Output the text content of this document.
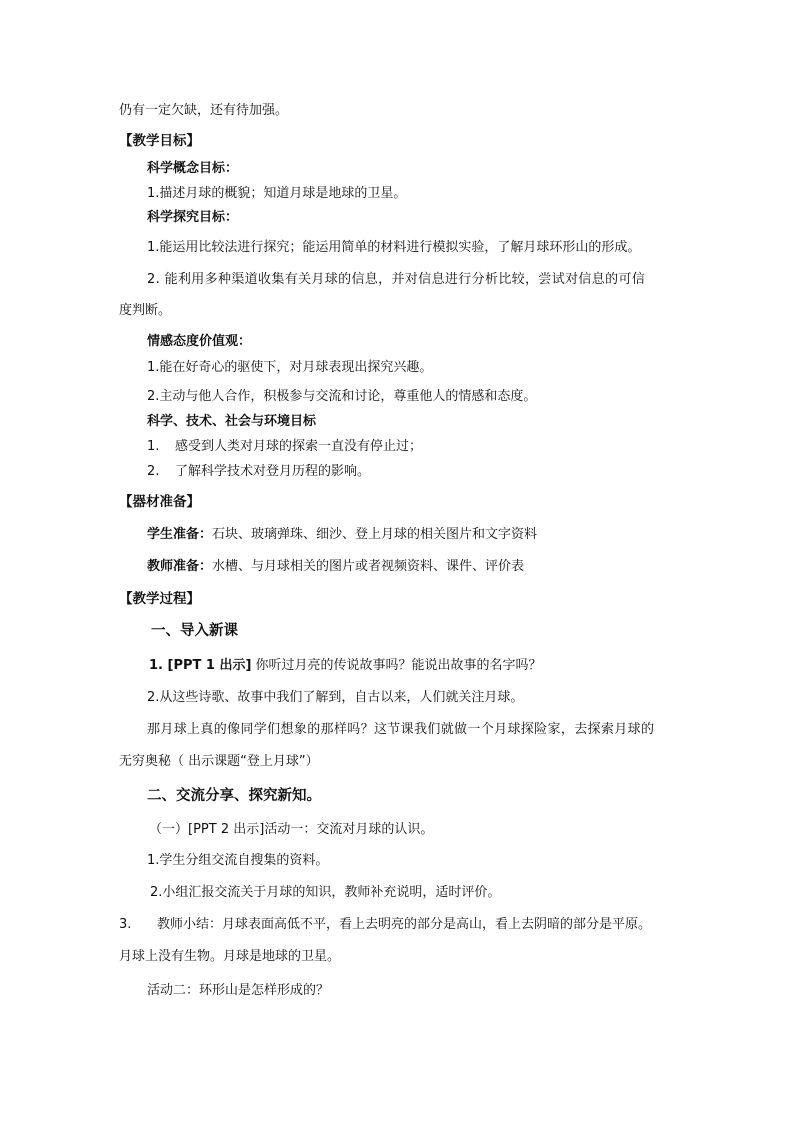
仍有一定欠缺，还有待加强。
【教学目标】
科学概念目标：
1.描述月球的概貌；知道月球是地球的卫星。
科学探究目标：
1.能运用比较法进行探究；能运用简单的材料进行模拟实验，了解月球环形山的形成。
2. 能利用多种渠道收集有关月球的信息，并对信息进行分析比较，尝试对信息的可信
度判断。
情感态度价值观：
1.能在好奇心的驱使下，对月球表现出探究兴趣。
2.主动与他人合作，积极参与交流和讨论，尊重他人的情感和态度。
科学、技术、社会与环境目标
1. 感受到人类对月球的探索一直没有停止过；
2. 了解科学技术对登月历程的影响。
【器材准备】
学生准备：石块、玻璃弹珠、细沙、登上月球的相关图片和文字资料
教师准备：水槽、与月球相关的图片或者视频资料、课件、评价表
【教学过程】
一、导入新课
1. [PPT 1 出示] 你听过月亮的传说故事吗？能说出故事的名字吗？
2.从这些诗歌、故事中我们了解到，自古以来，人们就关注月球。
那月球上真的像同学们想象的那样吗？这节课我们就做一个月球探险家，去探索月球的
无穷奥秘（ 出示课题“登上月球”）
二、交流分享、探究新知。
（一）[PPT 2 出示]活动一：交流对月球的认识。
1.学生分组交流自搜集的资料。
2.小组汇报交流关于月球的知识，教师补充说明，适时评价。
3. 教师小结：月球表面高低不平，看上去明亮的部分是高山，看上去阴暗的部分是平原。
月球上没有生物。月球是地球的卫星。
活动二：环形山是怎样形成的？
